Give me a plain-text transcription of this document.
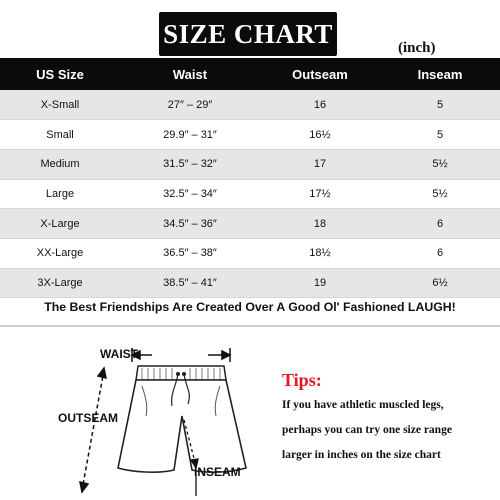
SIZE CHART	(inch)
US Size	Waist	Outseam	Inseam
X-Small	27″ – 29″	16	5
Small	29.9″ – 31″	16½	5
Medium	31.5″ – 32″	17	5½
Large	32.5″ – 34″	17½	5½
X-Large	34.5″ – 36″	18	6
XX-Large	36.5″ – 38″	18½	6
3X-Large	38.5″ – 41″	19	6½
The Best Friendships Are Created Over A Good Ol' Fashioned LAUGH!
WAIST
OUTSEAM
INSEAM
Tips:
If you have athletic muscled legs,
perhaps you can try one size range
larger in inches on the size chart
